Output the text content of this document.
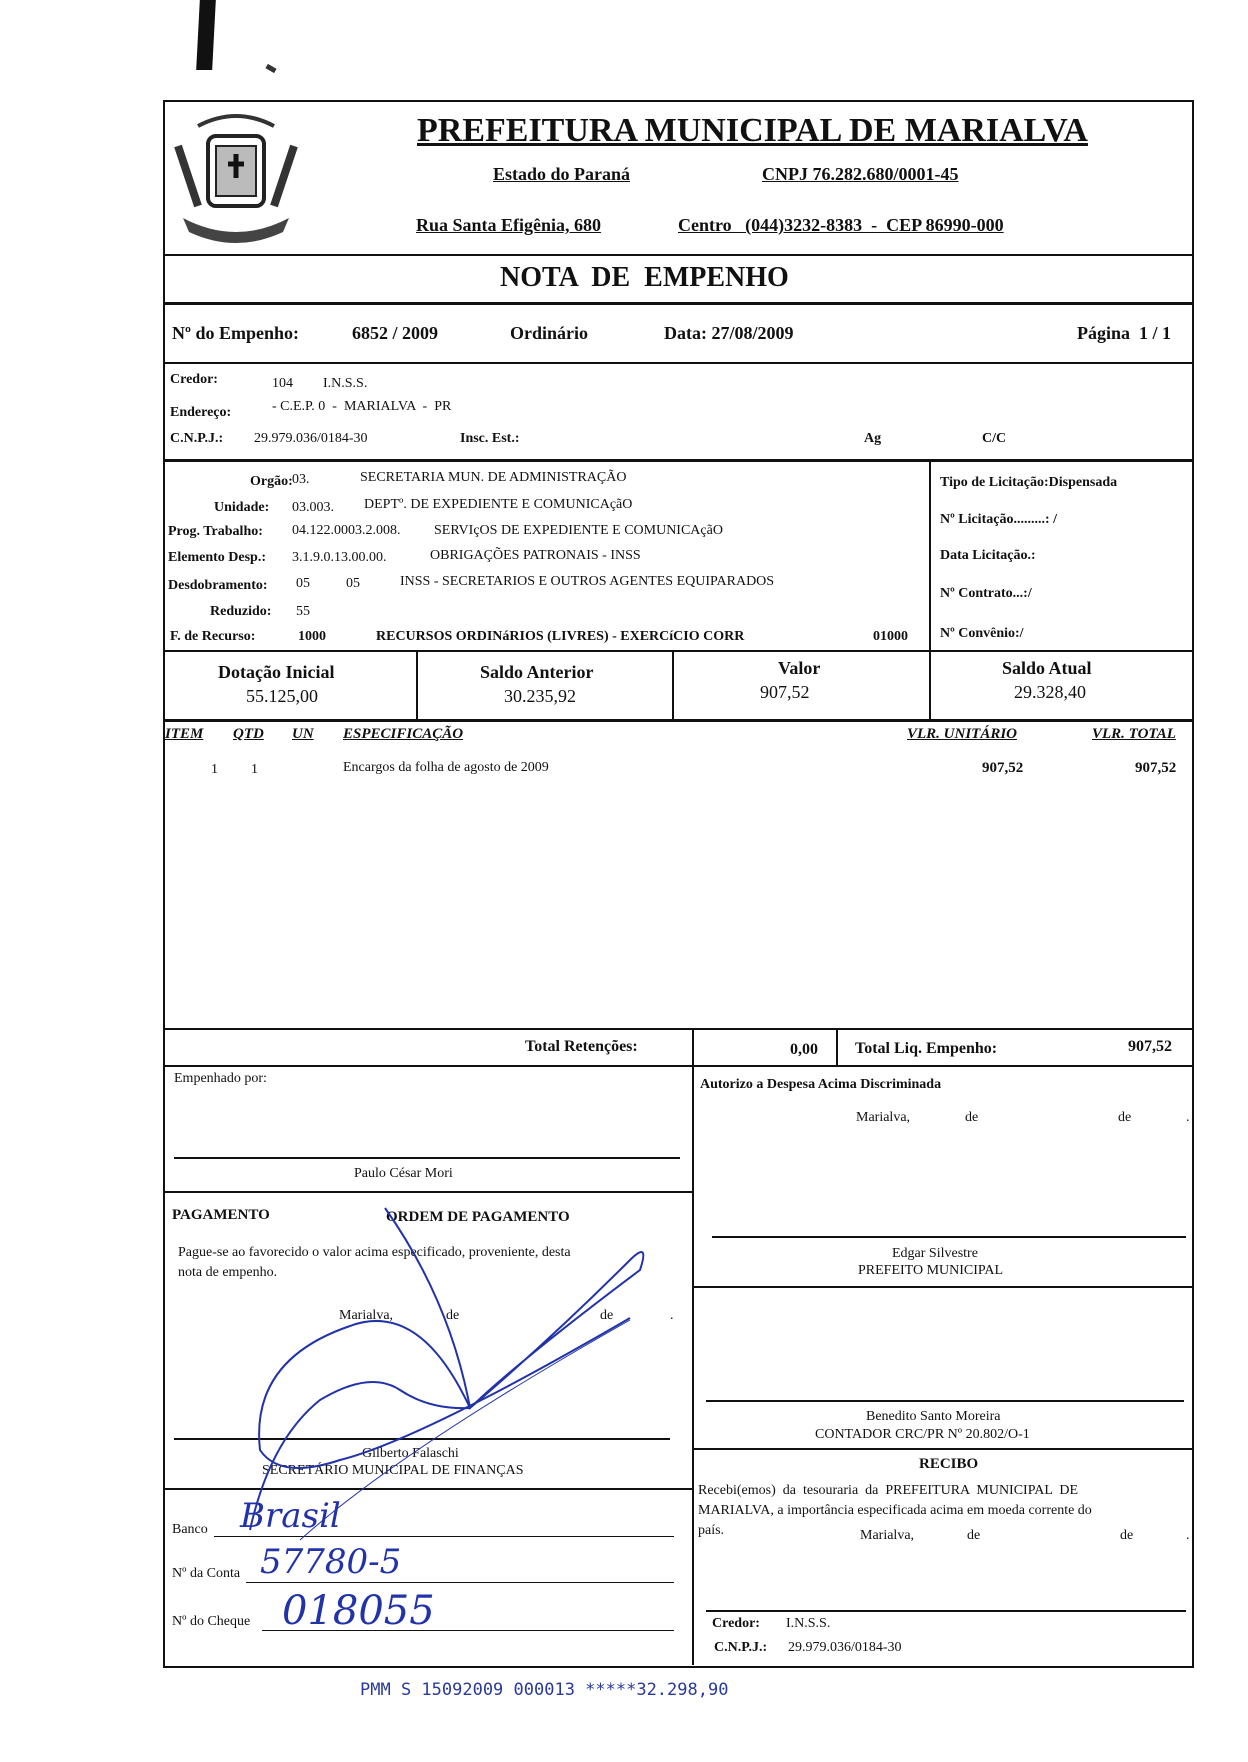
MARIALVA
PREFEITURA MUNICIPAL DE MARIALVA
Estado do Paraná	CNPJ 76.282.680/0001-45
Rua Santa Efigênia, 680	Centro   (044)3232-8383  -  CEP 86990-000
NOTA  DE  EMPENHO
Nº do Empenho:	6852 / 2009	Ordinário	Data: 27/08/2009	Página  1 / 1
Credor:	104 I.N.S.S.
Endereço:	- C.E.P. 0  -  MARIALVA  -  PR
C.N.P.J.: 29.979.036/0184-30	Insc. Est.:	Ag	C/C
Orgão: 03.	SECRETARIA MUN. DE ADMINISTRAÇÃO
Unidade: 03.003. DEPTº. DE EXPEDIENTE E COMUNICAçãO
Prog. Trabalho: 04.122.0003.2.008. SERVIçOS DE EXPEDIENTE E COMUNICAçãO
Elemento Desp.: 3.1.9.0.13.00.00.	OBRIGAÇÕES PATRONAIS - INSS
Desdobramento: 05	05	INSS - SECRETARIOS E OUTROS AGENTES EQUIPARADOS
Reduzido: 55
F. de Recurso:	1000	RECURSOS ORDINáRIOS (LIVRES) - EXERCíCIO CORR	01000
Tipo de Licitação:Dispensada
Nº Licitação.........: /
Data Licitação.:
Nº Contrato...:/
Nº Convênio:/
Dotação Inicial
55.125,00
Saldo Anterior
30.235,92
Valor
907,52
Saldo Atual
29.328,40
ITEM QTD UN ESPECIFICAÇÃO	VLR. UNITÁRIO	VLR. TOTAL
1 1	Encargos da folha de agosto de 2009	907,52	907,52
Total Retenções:	0,00 Total Liq. Empenho:	907,52
Empenhado por:
Paulo César Mori
PAGAMENTO	ORDEM DE PAGAMENTO
Pague-se ao favorecido o valor acima especificado, proveniente, desta
nota de empenho.
Marialva,	de	de	.
Gilberto Falaschi
SECRETÁRIO MUNICIPAL DE FINANÇAS
Banco Brasil
Nº da Conta 57780-5
Nº do Cheque 018055
Autorizo a Despesa Acima Discriminada
Marialva,	de	de	.
Edgar Silvestre
PREFEITO MUNICIPAL
Benedito Santo Moreira
CONTADOR CRC/PR Nº 20.802/O-1
RECIBO
Recebi(emos)  da  tesouraria  da  PREFEITURA  MUNICIPAL  DE
MARIALVA, a importância especificada acima em moeda corrente do
país.	Marialva,	de	de	.
Credor: I.N.S.S.
C.N.P.J.: 29.979.036/0184-30
PMM S 15092009 000013 *****32.298,90
